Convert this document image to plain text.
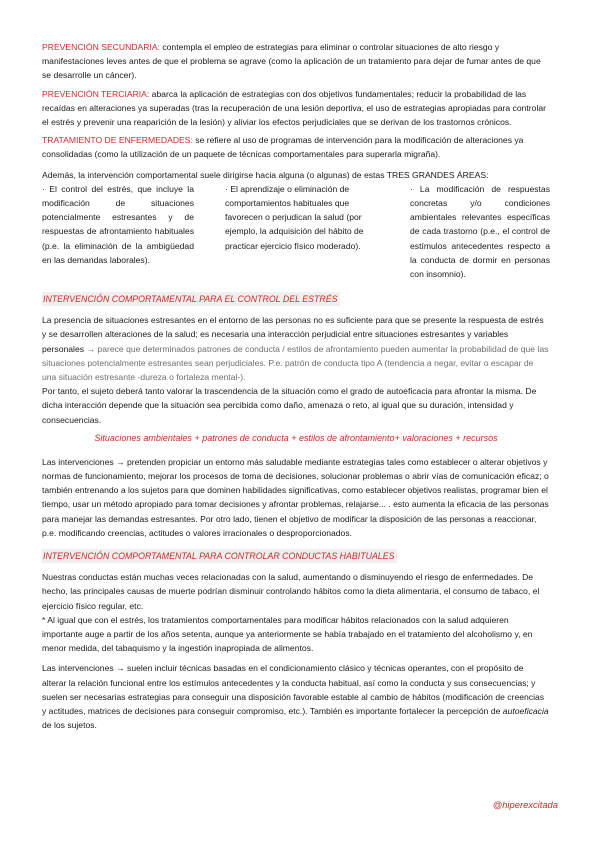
PREVENCIÓN SECUNDARIA: contempla el empleo de estrategias para eliminar o controlar situaciones de alto riesgo y manifestaciones leves antes de que el problema se agrave (como la aplicación de un tratamiento para dejar de fumar antes de que se desarrolle un cáncer).

PREVENCIÓN TERCIARIA: abarca la aplicación de estrategias con dos objetivos fundamentales; reducir la probabilidad de las recaídas en alteraciones ya superadas (tras la recuperación de una lesión deportiva, el uso de estrategias apropiadas para controlar el estrés y prevenir una reaparición de la lesión) y aliviar los efectos perjudiciales que se derivan de los trastornos crónicos.

TRATAMIENTO DE ENFERMEDADES: se refiere al uso de programas de intervención para la modificación de alteraciones ya consolidadas (como la utilización de un paquete de técnicas comportamentales para superarla migraña).

Además, la intervención comportamental suele dirigirse hacia alguna (o algunas) de estas TRES GRANDES ÁREAS:

· El control del estrés, que incluye la modificación de situaciones potencialmente estresantes y de respuestas de afrontamiento habituales (p.e. la eliminación de la ambigüedad en las demandas laborales).
· El aprendizaje o eliminación de comportamientos habituales que favorecen o perjudican la salud (por ejemplo, la adquisición del hábito de practicar ejercicio físico moderado).
· La modificación de respuestas concretas y/o condiciones ambientales relevantes específicas de cada trastorno (p.e., el control de estímulos antecedentes respecto a la conducta de dormir en personas con insomnio).
INTERVENCIÓN COMPORTAMENTAL PARA EL CONTROL DEL ESTRÉS

La presencia de situaciones estresantes en el entorno de las personas no es suficiente para que se presente la respuesta de estrés y se desarrollen alteraciones de la salud; es necesaria una interacción perjudicial entre situaciones estresantes y variables personales → parece que determinados patrones de conducta / estilos de afrontamiento pueden aumentar la probabilidad de que las situaciones potencialmente estresantes sean perjudiciales. P.e. patrón de conducta tipo A (tendencia a negar, evitar o escapar de una situación estresante -dureza o fortaleza mental-).

Por tanto, el sujeto deberá tanto valorar la trascendencia de la situación como el grado de autoeficacia para afrontar la misma. De dicha interacción depende que la situación sea percibida como daño, amenaza o reto, al igual que su duración, intensidad y consecuencias.

Situaciones ambientales + patrones de conducta + estilos de afrontamiento+ valoraciones + recursos

Las intervenciones → pretenden propiciar un entorno más saludable mediante estrategias tales como establecer o alterar objetivos y normas de funcionamiento, mejorar los procesos de toma de decisiones, solucionar problemas o abrir vías de comunicación eficaz; o también entrenando a los sujetos para que dominen habilidades significativas, como establecer objetivos realistas, programar bien el tiempo, usar un método apropiado para tomar decisiones y afrontar problemas, relajarse... . esto aumenta la eficacia de las personas para manejar las demandas estresantes. Por otro lado, tienen el objetivo de modificar la disposición de las personas a reaccionar, p.e. modificando creencias, actitudes o valores irracionales o desproporcionados.

INTERVENCIÓN COMPORTAMENTAL PARA CONTROLAR CONDUCTAS HABITUALES

Nuestras conductas están muchas veces relacionadas con la salud, aumentando o disminuyendo el riesgo de enfermedades. De hecho, las principales causas de muerte podrían disminuir controlando hábitos como la dieta alimentaria, el consumo de tabaco, el ejercicio físico regular, etc.

* Al igual que con el estrés, los tratamientos comportamentales para modificar hábitos relacionados con la salud adquieren importante auge a partir de los años setenta, aunque ya anteriormente se había trabajado en el tratamiento del alcoholismo y, en menor medida, del tabaquismo y la ingestión inapropiada de alimentos.

Las intervenciones → suelen incluir técnicas basadas en el condicionamiento clásico y técnicas operantes, con el propósito de alterar la relación funcional entre los estímulos antecedentes y la conducta habitual, así como la conducta y sus consecuencias; y suelen ser necesarias estrategias para conseguir una disposición favorable estable al cambio de hábitos (modificación de creencias y actitudes, matrices de decisiones para conseguir compromiso, etc.). También es importante fortalecer la percepción de autoeficacia de los sujetos.

@hiperexcitada
